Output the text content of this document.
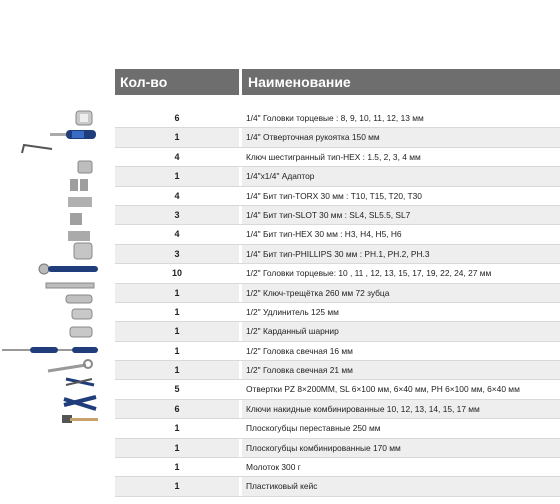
Кол-во	Наименование
6	1/4" Головки торцевые : 8, 9, 10, 11, 12, 13 мм
1	1/4" Отверточная рукоятка 150 мм
4	Ключ шестигранный тип-HEX : 1.5, 2, 3, 4 мм
1	1/4"х1/4" Адаптор
4	1/4" Бит тип-TORX 30 мм : T10, T15, T20, T30
3	1/4" Бит тип-SLOT 30 мм : SL4, SL5.5, SL7
4	1/4" Бит тип-HEX 30 мм : H3, H4, H5, H6
3	1/4" Бит тип-PHILLIPS 30 мм : PH.1, PH.2, PH.3
10	1/2" Головки торцевые: 10 , 11 , 12, 13, 15, 17, 19, 22, 24, 27 мм
1	1/2" Ключ-трещётка 260 мм 72 зубца
1	1/2" Удлинитель 125 мм
1	1/2" Карданный шарнир
1	1/2" Головка свечная 16 мм
1	1/2" Головка свечная 21 мм
5	Отвертки PZ 8×200MM, SL 6×100 мм, 6×40 мм, PH 6×100 мм, 6×40 мм
6	Ключи накидные комбинированные 10, 12, 13, 14, 15, 17 мм
1	Плоскогубцы переставные 250 мм
1	Плоскогубцы комбинированные 170 мм
1	Молоток 300 г
1	Пластиковый кейс
